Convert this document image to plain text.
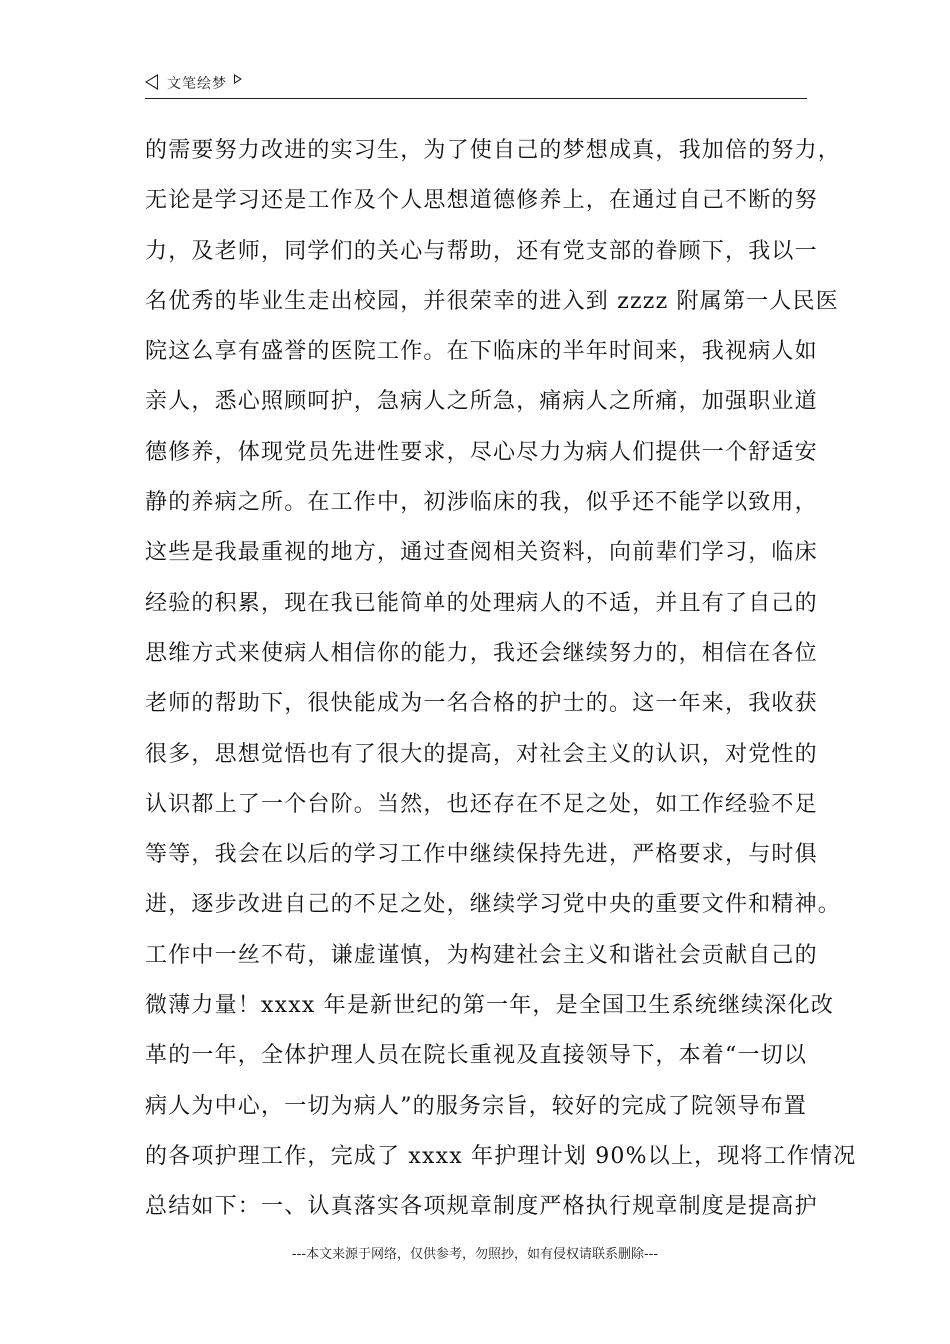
文笔绘梦
的需要努力改进的实习生，为了使自己的梦想成真，我加倍的努力，
无论是学习还是工作及个人思想道德修养上，在通过自己不断的努
力，及老师，同学们的关心与帮助，还有党支部的眷顾下，我以一
名优秀的毕业生走出校园，并很荣幸的进入到 zzzz 附属第一人民医
院这么享有盛誉的医院工作。在下临床的半年时间来，我视病人如
亲人，悉心照顾呵护，急病人之所急，痛病人之所痛，加强职业道
德修养，体现党员先进性要求，尽心尽力为病人们提供一个舒适安
静的养病之所。在工作中，初涉临床的我，似乎还不能学以致用，
这些是我最重视的地方，通过查阅相关资料，向前辈们学习，临床
经验的积累，现在我已能简单的处理病人的不适，并且有了自己的
思维方式来使病人相信你的能力，我还会继续努力的，相信在各位
老师的帮助下，很快能成为一名合格的护士的。这一年来，我收获
很多，思想觉悟也有了很大的提高，对社会主义的认识，对党性的
认识都上了一个台阶。当然，也还存在不足之处，如工作经验不足
等等，我会在以后的学习工作中继续保持先进，严格要求，与时俱
进，逐步改进自己的不足之处，继续学习党中央的重要文件和精神。
工作中一丝不苟，谦虚谨慎，为构建社会主义和谐社会贡献自己的
微薄力量！xxxx 年是新世纪的第一年，是全国卫生系统继续深化改
革的一年，全体护理人员在院长重视及直接领导下，本着“一切以
病人为中心，一切为病人”的服务宗旨，较好的完成了院领导布置
的各项护理工作，完成了 xxxx 年护理计划 90%以上，现将工作情况
总结如下：一、认真落实各项规章制度严格执行规章制度是提高护
---本文来源于网络，仅供参考，勿照抄，如有侵权请联系删除---
